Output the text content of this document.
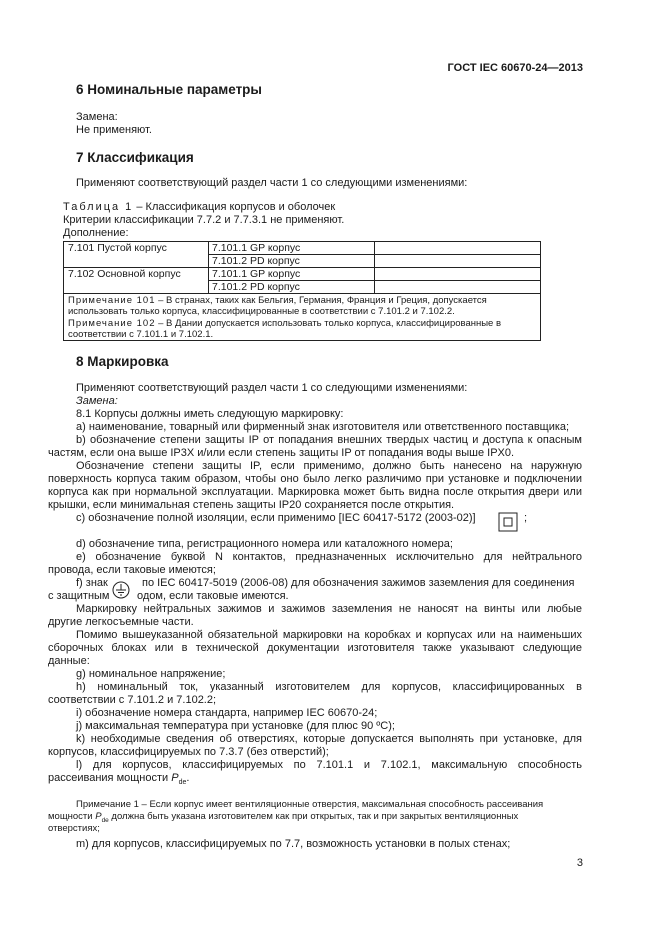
ГОСТ IEC 60670-24—2013
6 Номинальные параметры
Замена:
Не применяют.
7 Классификация
Применяют соответствующий раздел части 1 со следующими изменениями:
Таблица 1 – Классификация корпусов и оболочек
Критерии классификации 7.7.2 и 7.7.3.1 не применяют.
Дополнение:
7.101 Пустой корпус	7.101.1 GP корпус
7.101.2 PD корпус
7.102 Основной корпус	7.101.1 GP корпус
7.101.2 PD корпус
Примечание 101 – В странах, таких как Бельгия, Германия, Франция и Греция, допускается
использовать только корпуса, классифицированные в соответствии с 7.101.2 и 7.102.2.
Примечание 102 – В Дании допускается использовать только корпуса, классифицированные в
соответствии с 7.101.1 и 7.102.1.
8 Маркировка
Применяют соответствующий раздел части 1 со следующими изменениями:
Замена:
8.1 Корпусы должны иметь следующую маркировку:
a) наименование, товарный или фирменный знак изготовителя или ответственного поставщика;
b) обозначение степени защиты IP от попадания внешних твердых частиц и доступа к опасным
частям, если она выше IP3X и/или если степень защиты IP от попадания воды выше IPX0.
Обозначение степени защиты IP, если применимо, должно быть нанесено на наружную
поверхность корпуса таким образом, чтобы оно было легко различимо при установке и подключении
корпуса как при нормальной эксплуатации. Маркировка может быть видна после открытия двери или
крышки, если минимальная степень защиты IP20 сохраняется после открытия.
c) обозначение полной изоляции, если применимо [IEC 60417-5172 (2003-02)]	;
d) обозначение типа, регистрационного номера или каталожного номера;
e) обозначение буквой N контактов, предназначенных исключительно для нейтрального
провода, если таковые имеются;
f) знак	по IEC 60417-5019 (2006-08) для обозначения зажимов заземления для соединения
с защитным	одом, если таковые имеются.
Маркировку нейтральных зажимов и зажимов заземления не наносят на винты или любые
другие легкосъемные части.
Помимо вышеуказанной обязательной маркировки на коробках и корпусах или на наименьших
сборочных блоках или в технической документации изготовителя также указывают следующие
данные:
g) номинальное напряжение;
h) номинальный ток, указанный изготовителем для корпусов, классифицированных в
соответствии с 7.101.2 и 7.102.2;
i) обозначение номера стандарта, например IEC 60670-24;
j) максимальная температура при установке (для плюс 90 ºС);
k) необходимые сведения об отверстиях, которые допускается выполнять при установке, для
корпусов, классифицируемых по 7.3.7 (без отверстий);
l) для корпусов, классифицируемых по 7.101.1 и 7.102.1, максимальную способность
рассеивания мощности $P_{de}$.
Примечание 1 – Если корпус имеет вентиляционные отверстия, максимальная способность рассеивания
мощности $P_{de}$ должна быть указана изготовителем как при открытых, так и при закрытых вентиляционных
отверстиях;
m) для корпусов, классифицируемых по 7.7, возможность установки в полых стенах;
3
